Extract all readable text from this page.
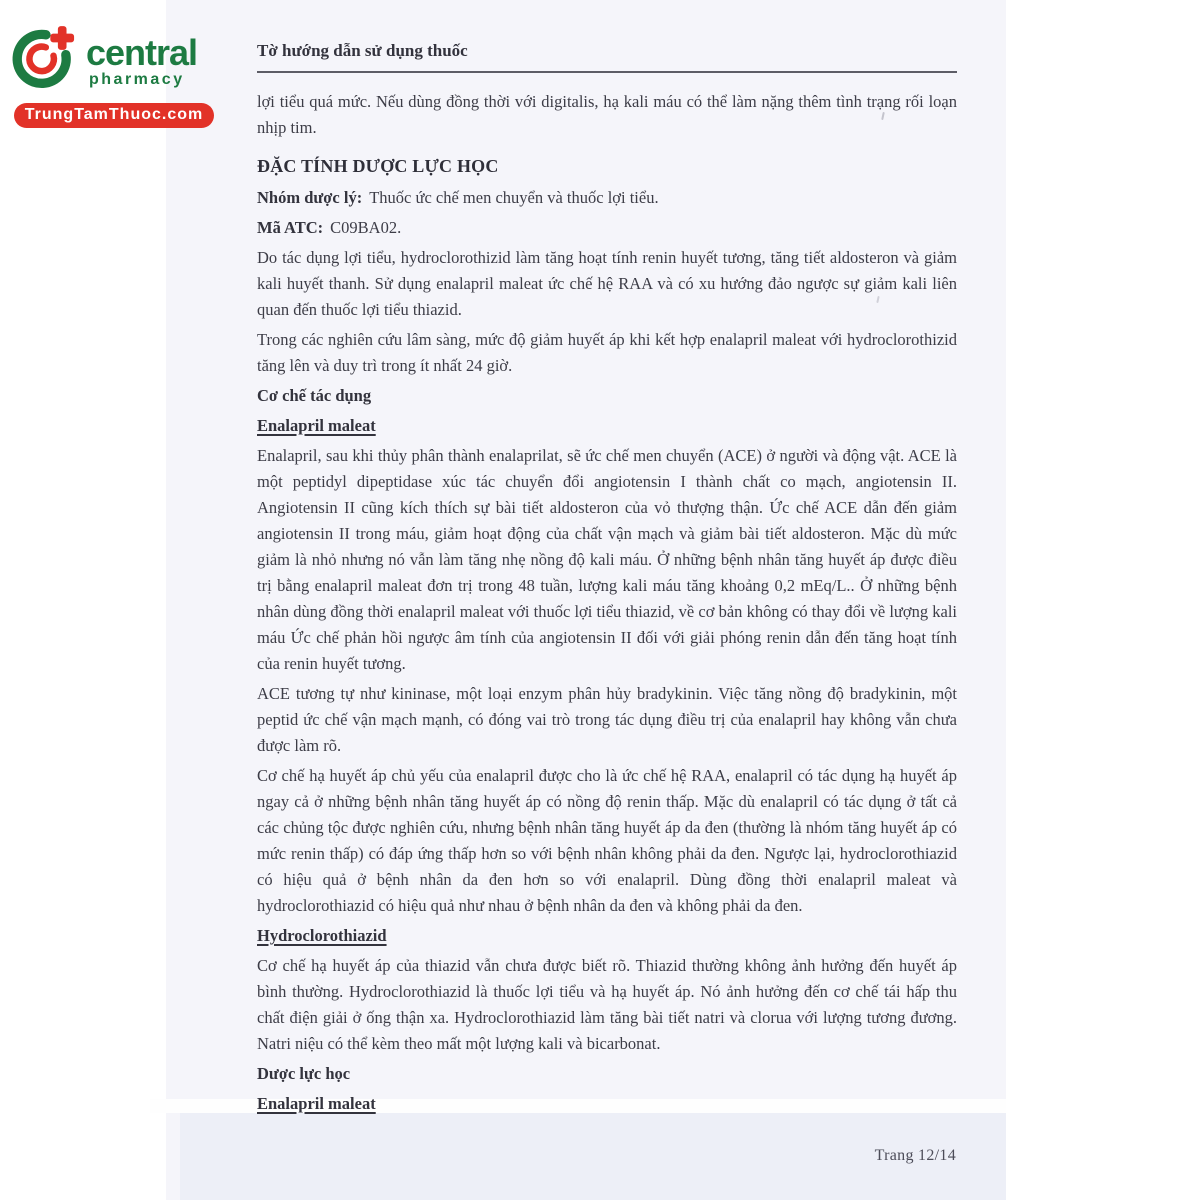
Trang 12/14
central
pharmacy
TrungTamThuoc.com
Tờ hướng dẫn sử dụng thuốc

lợi tiểu quá mức. Nếu dùng đồng thời với digitalis, hạ kali máu có thể làm nặng thêm tình trạng rối loạn nhịp tim.

ĐẶC TÍNH DƯỢC LỰC HỌC

Nhóm dược lý: Thuốc ức chế men chuyển và thuốc lợi tiểu.

Mã ATC: C09BA02.

Do tác dụng lợi tiểu, hydroclorothizid làm tăng hoạt tính renin huyết tương, tăng tiết aldosteron và giảm kali huyết thanh. Sử dụng enalapril maleat ức chế hệ RAA và có xu hướng đảo ngược sự giảm kali liên quan đến thuốc lợi tiểu thiazid.

Trong các nghiên cứu lâm sàng, mức độ giảm huyết áp khi kết hợp enalapril maleat với hydroclorothizid tăng lên và duy trì trong ít nhất 24 giờ.

Cơ chế tác dụng
Enalapril maleat

Enalapril, sau khi thủy phân thành enalaprilat, sẽ ức chế men chuyển (ACE) ở người và động vật. ACE là một peptidyl dipeptidase xúc tác chuyển đổi angiotensin I thành chất co mạch, angiotensin II. Angiotensin II cũng kích thích sự bài tiết aldosteron của vỏ thượng thận. Ức chế ACE dẫn đến giảm angiotensin II trong máu, giảm hoạt động của chất vận mạch và giảm bài tiết aldosteron. Mặc dù mức giảm là nhỏ nhưng nó vẫn làm tăng nhẹ nồng độ kali máu. Ở những bệnh nhân tăng huyết áp được điều trị bằng enalapril maleat đơn trị trong 48 tuần, lượng kali máu tăng khoảng 0,2 mEq/L.. Ở những bệnh nhân dùng đồng thời enalapril maleat với thuốc lợi tiểu thiazid, về cơ bản không có thay đổi về lượng kali máu Ức chế phản hồi ngược âm tính của angiotensin II đối với giải phóng renin dẫn đến tăng hoạt tính của renin huyết tương.

ACE tương tự như kininase, một loại enzym phân hủy bradykinin. Việc tăng nồng độ bradykinin, một peptid ức chế vận mạch mạnh, có đóng vai trò trong tác dụng điều trị của enalapril hay không vẫn chưa được làm rõ.

Cơ chế hạ huyết áp chủ yếu của enalapril được cho là ức chế hệ RAA, enalapril có tác dụng hạ huyết áp ngay cả ở những bệnh nhân tăng huyết áp có nồng độ renin thấp. Mặc dù enalapril có tác dụng ở tất cả các chủng tộc được nghiên cứu, nhưng bệnh nhân tăng huyết áp da đen (thường là nhóm tăng huyết áp có mức renin thấp) có đáp ứng thấp hơn so với bệnh nhân không phải da đen. Ngược lại, hydroclorothiazid có hiệu quả ở bệnh nhân da đen hơn so với enalapril. Dùng đồng thời enalapril maleat và hydroclorothiazid có hiệu quả như nhau ở bệnh nhân da đen và không phải da đen.

Hydroclorothiazid

Cơ chế hạ huyết áp của thiazid vẫn chưa được biết rõ. Thiazid thường không ảnh hưởng đến huyết áp bình thường. Hydroclorothiazid là thuốc lợi tiểu và hạ huyết áp. Nó ảnh hưởng đến cơ chế tái hấp thu chất điện giải ở ống thận xa. Hydroclorothiazid làm tăng bài tiết natri và clorua với lượng tương đương. Natri niệu có thể kèm theo mất một lượng kali và bicarbonat.

Dược lực học
Enalapril maleat
